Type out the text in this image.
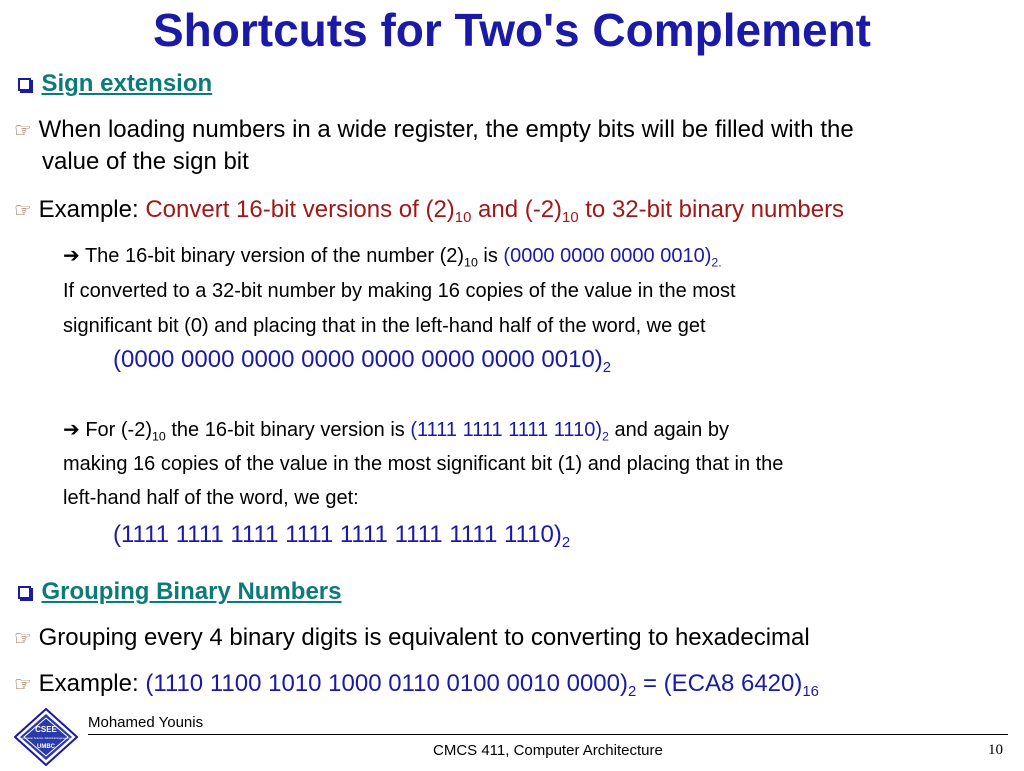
Shortcuts for Two's Complement
Sign extension
☞ When loading numbers in a wide register, the empty bits will be filled with the
value of the sign bit
☞ Example: Convert 16-bit versions of $(2)_{10}$ and $(-2)_{10}$ to 32-bit binary numbers
➔ The 16-bit binary version of the number $(2)_{10}$ is (0000 0000 0000 $0010)_{2.}$
If converted to a 32-bit number by making 16 copies of the value in the most
significant bit (0) and placing that in the left-hand half of the word, we get
(0000 0000 0000 0000 0000 0000 0000 $0010)_2$
➔ For $(-2)_{10}$ the 16-bit binary version is (1111 1111 1111 $1110)_2$ and again by
making 16 copies of the value in the most significant bit (1) and placing that in the
left-hand half of the word, we get:
(1111 1111 1111 1111 1111 1111 1111 $1110)_2$
Grouping Binary Numbers
☞ Grouping every 4 binary digits is equivalent to converting to hexadecimal
☞ Example: (1110 1100 1010 1000 0110 0100 0010 $0000)_2 = (ECA8$ $6420)_{16}$
CSEE
Computer Science / Electrical Engineering
UMBC
Mohamed Younis
CMCS 411, Computer Architecture	10
